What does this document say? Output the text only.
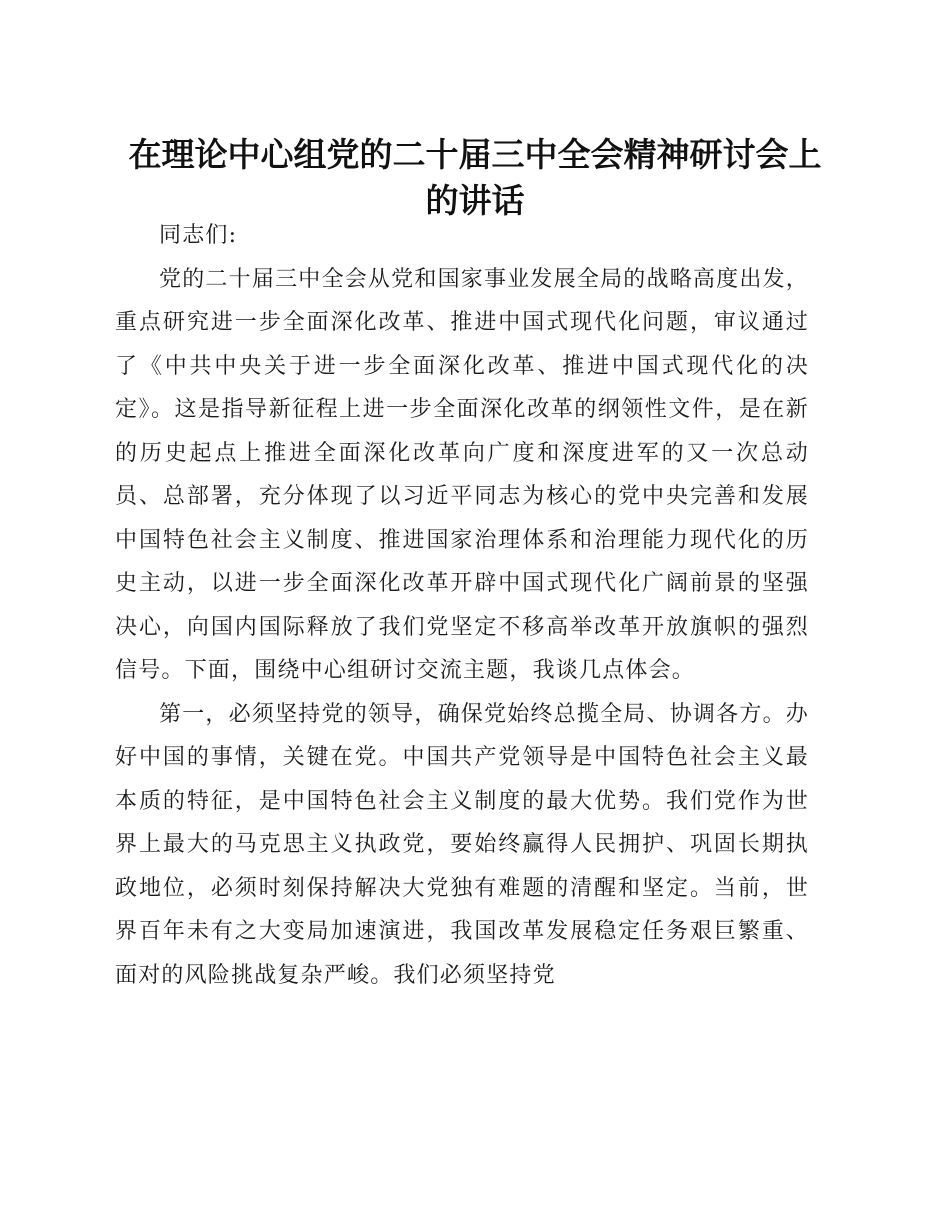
在理论中心组党的二十届三中全会精神研讨会上的讲话

同志们:

党的二十届三中全会从党和国家事业发展全局的战略高度出发，重点研究进一步全面深化改革、推进中国式现代化问题，审议通过了《中共中央关于进一步全面深化改革、推进中国式现代化的决定》。这是指导新征程上进一步全面深化改革的纲领性文件，是在新的历史起点上推进全面深化改革向广度和深度进军的又一次总动员、总部署，充分体现了以习近平同志为核心的党中央完善和发展中国特色社会主义制度、推进国家治理体系和治理能力现代化的历史主动，以进一步全面深化改革开辟中国式现代化广阔前景的坚强决心，向国内国际释放了我们党坚定不移高举改革开放旗帜的强烈信号。下面，围绕中心组研讨交流主题，我谈几点体会。

第一，必须坚持党的领导，确保党始终总揽全局、协调各方。办好中国的事情，关键在党。中国共产党领导是中国特色社会主义最本质的特征，是中国特色社会主义制度的最大优势。我们党作为世界上最大的马克思主义执政党，要始终赢得人民拥护、巩固长期执政地位，必须时刻保持解决大党独有难题的清醒和坚定。当前，世界百年未有之大变局加速演进，我国改革发展稳定任务艰巨繁重、面对的风险挑战复杂严峻。我们必须坚持党
